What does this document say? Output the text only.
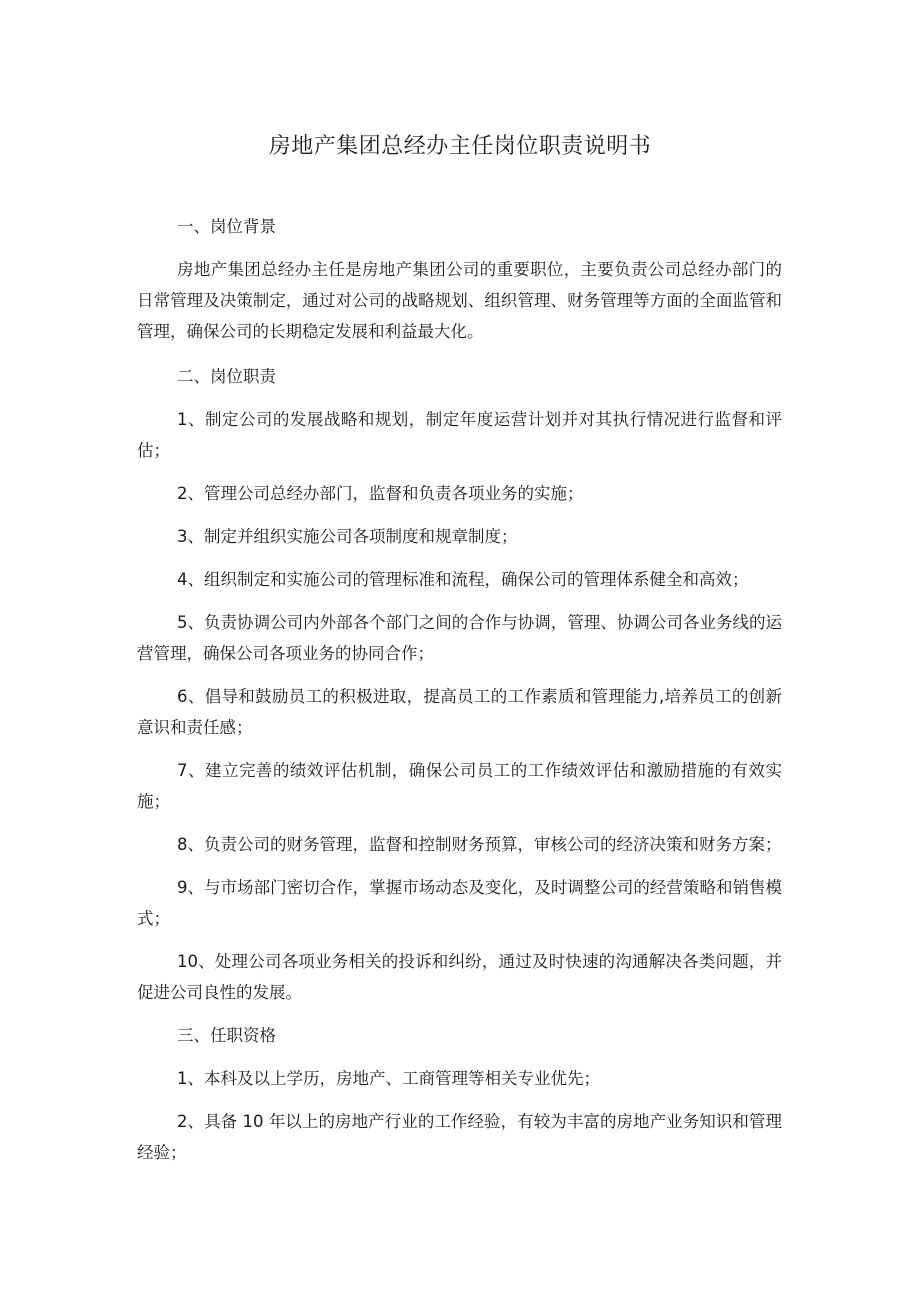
房地产集团总经办主任岗位职责说明书

一、岗位背景

房地产集团总经办主任是房地产集团公司的重要职位，主要负责公司总经办部门的日常管理及决策制定，通过对公司的战略规划、组织管理、财务管理等方面的全面监管和管理，确保公司的长期稳定发展和利益最大化。

二、岗位职责

1、制定公司的发展战略和规划，制定年度运营计划并对其执行情况进行监督和评估；

2、管理公司总经办部门，监督和负责各项业务的实施；

3、制定并组织实施公司各项制度和规章制度；

4、组织制定和实施公司的管理标准和流程，确保公司的管理体系健全和高效；

5、负责协调公司内外部各个部门之间的合作与协调，管理、协调公司各业务线的运营管理，确保公司各项业务的协同合作；

6、倡导和鼓励员工的积极进取，提高员工的工作素质和管理能力,培养员工的创新意识和责任感；

7、建立完善的绩效评估机制，确保公司员工的工作绩效评估和激励措施的有效实施；

8、负责公司的财务管理，监督和控制财务预算，审核公司的经济决策和财务方案；

9、与市场部门密切合作，掌握市场动态及变化，及时调整公司的经营策略和销售模式；

10、处理公司各项业务相关的投诉和纠纷，通过及时快速的沟通解决各类问题，并促进公司良性的发展。

三、任职资格

1、本科及以上学历，房地产、工商管理等相关专业优先；

2、具备 10 年以上的房地产行业的工作经验，有较为丰富的房地产业务知识和管理经验；
